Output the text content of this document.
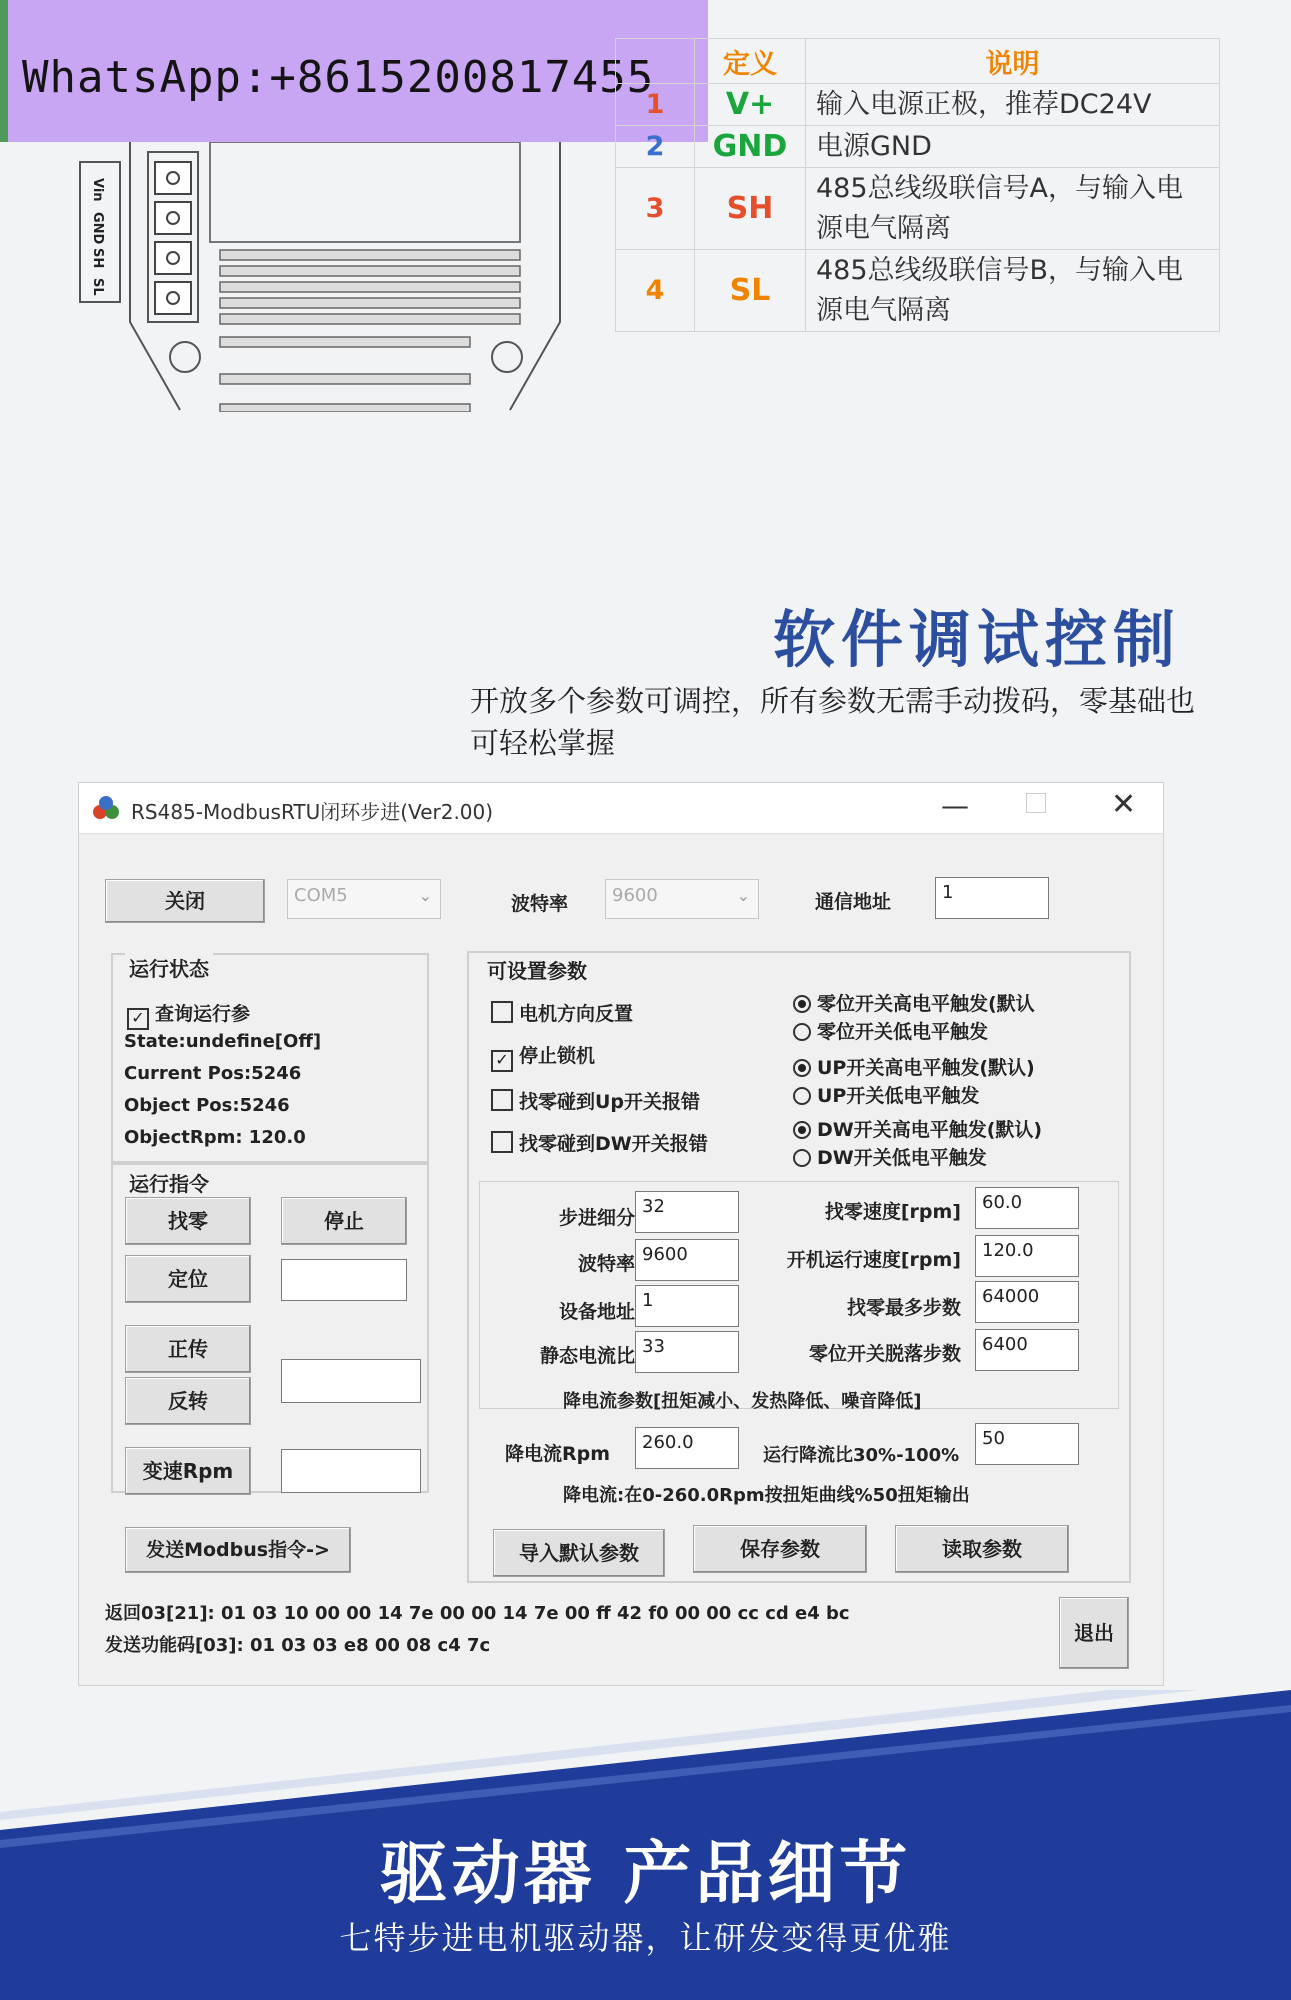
WhatsApp:+8615200817455
Vin
GND
SH
SL
	定义	说明
1	V+	输入电源正极，推荐DC24V
2	GND	电源GND
3	SH	485总线级联信号A，与输入电源电气隔离
4	SL	485总线级联信号B，与输入电源电气隔离
软件调试控制
开放多个参数可调控，所有参数无需手动拨码，零基础也可轻松掌握
RS485-ModbusRTU闭环步进(Ver2.00)	—	✕
关闭	COM5	⌄	波特率	9600	⌄	通信地址	1
运行状态
✓ 查询运行参
State:undefine[Off]
Current Pos:5246
Object Pos:5246
ObjectRpm: 120.0
运行指令
找零	停止
定位
正传
反转
变速Rpm
发送Modbus指令->
可设置参数
电机方向反置
✓ 停止锁机
找零碰到Up开关报错
找零碰到DW开关报错
零位开关高电平触发(默认
零位开关低电平触发
UP开关高电平触发(默认)
UP开关低电平触发
DW开关高电平触发(默认)
DW开关低电平触发
步进细分
32
波特率 9600
设备地址
1
静态电流比 33
找零速度[rpm]	60.0
开机运行速度[rpm]	120.0
找零最多步数
64000
零位开关脱落步数	6400
降电流参数[扭矩减小、发热降低、噪音降低]
降电流Rpm
260.0
运行降流比30%-100%
50
降电流:在0-260.0Rpm按扭矩曲线%50扭矩输出
导入默认参数	保存参数	读取参数
返回03[21]: 01 03 10 00 00 14 7e 00 00 14 7e 00 ff 42 f0 00 00 cc cd e4 bc
发送功能码[03]: 01 03 03 e8 00 08 c4 7c
退出
驱动器 产品细节
七特步进电机驱动器，让研发变得更优雅
